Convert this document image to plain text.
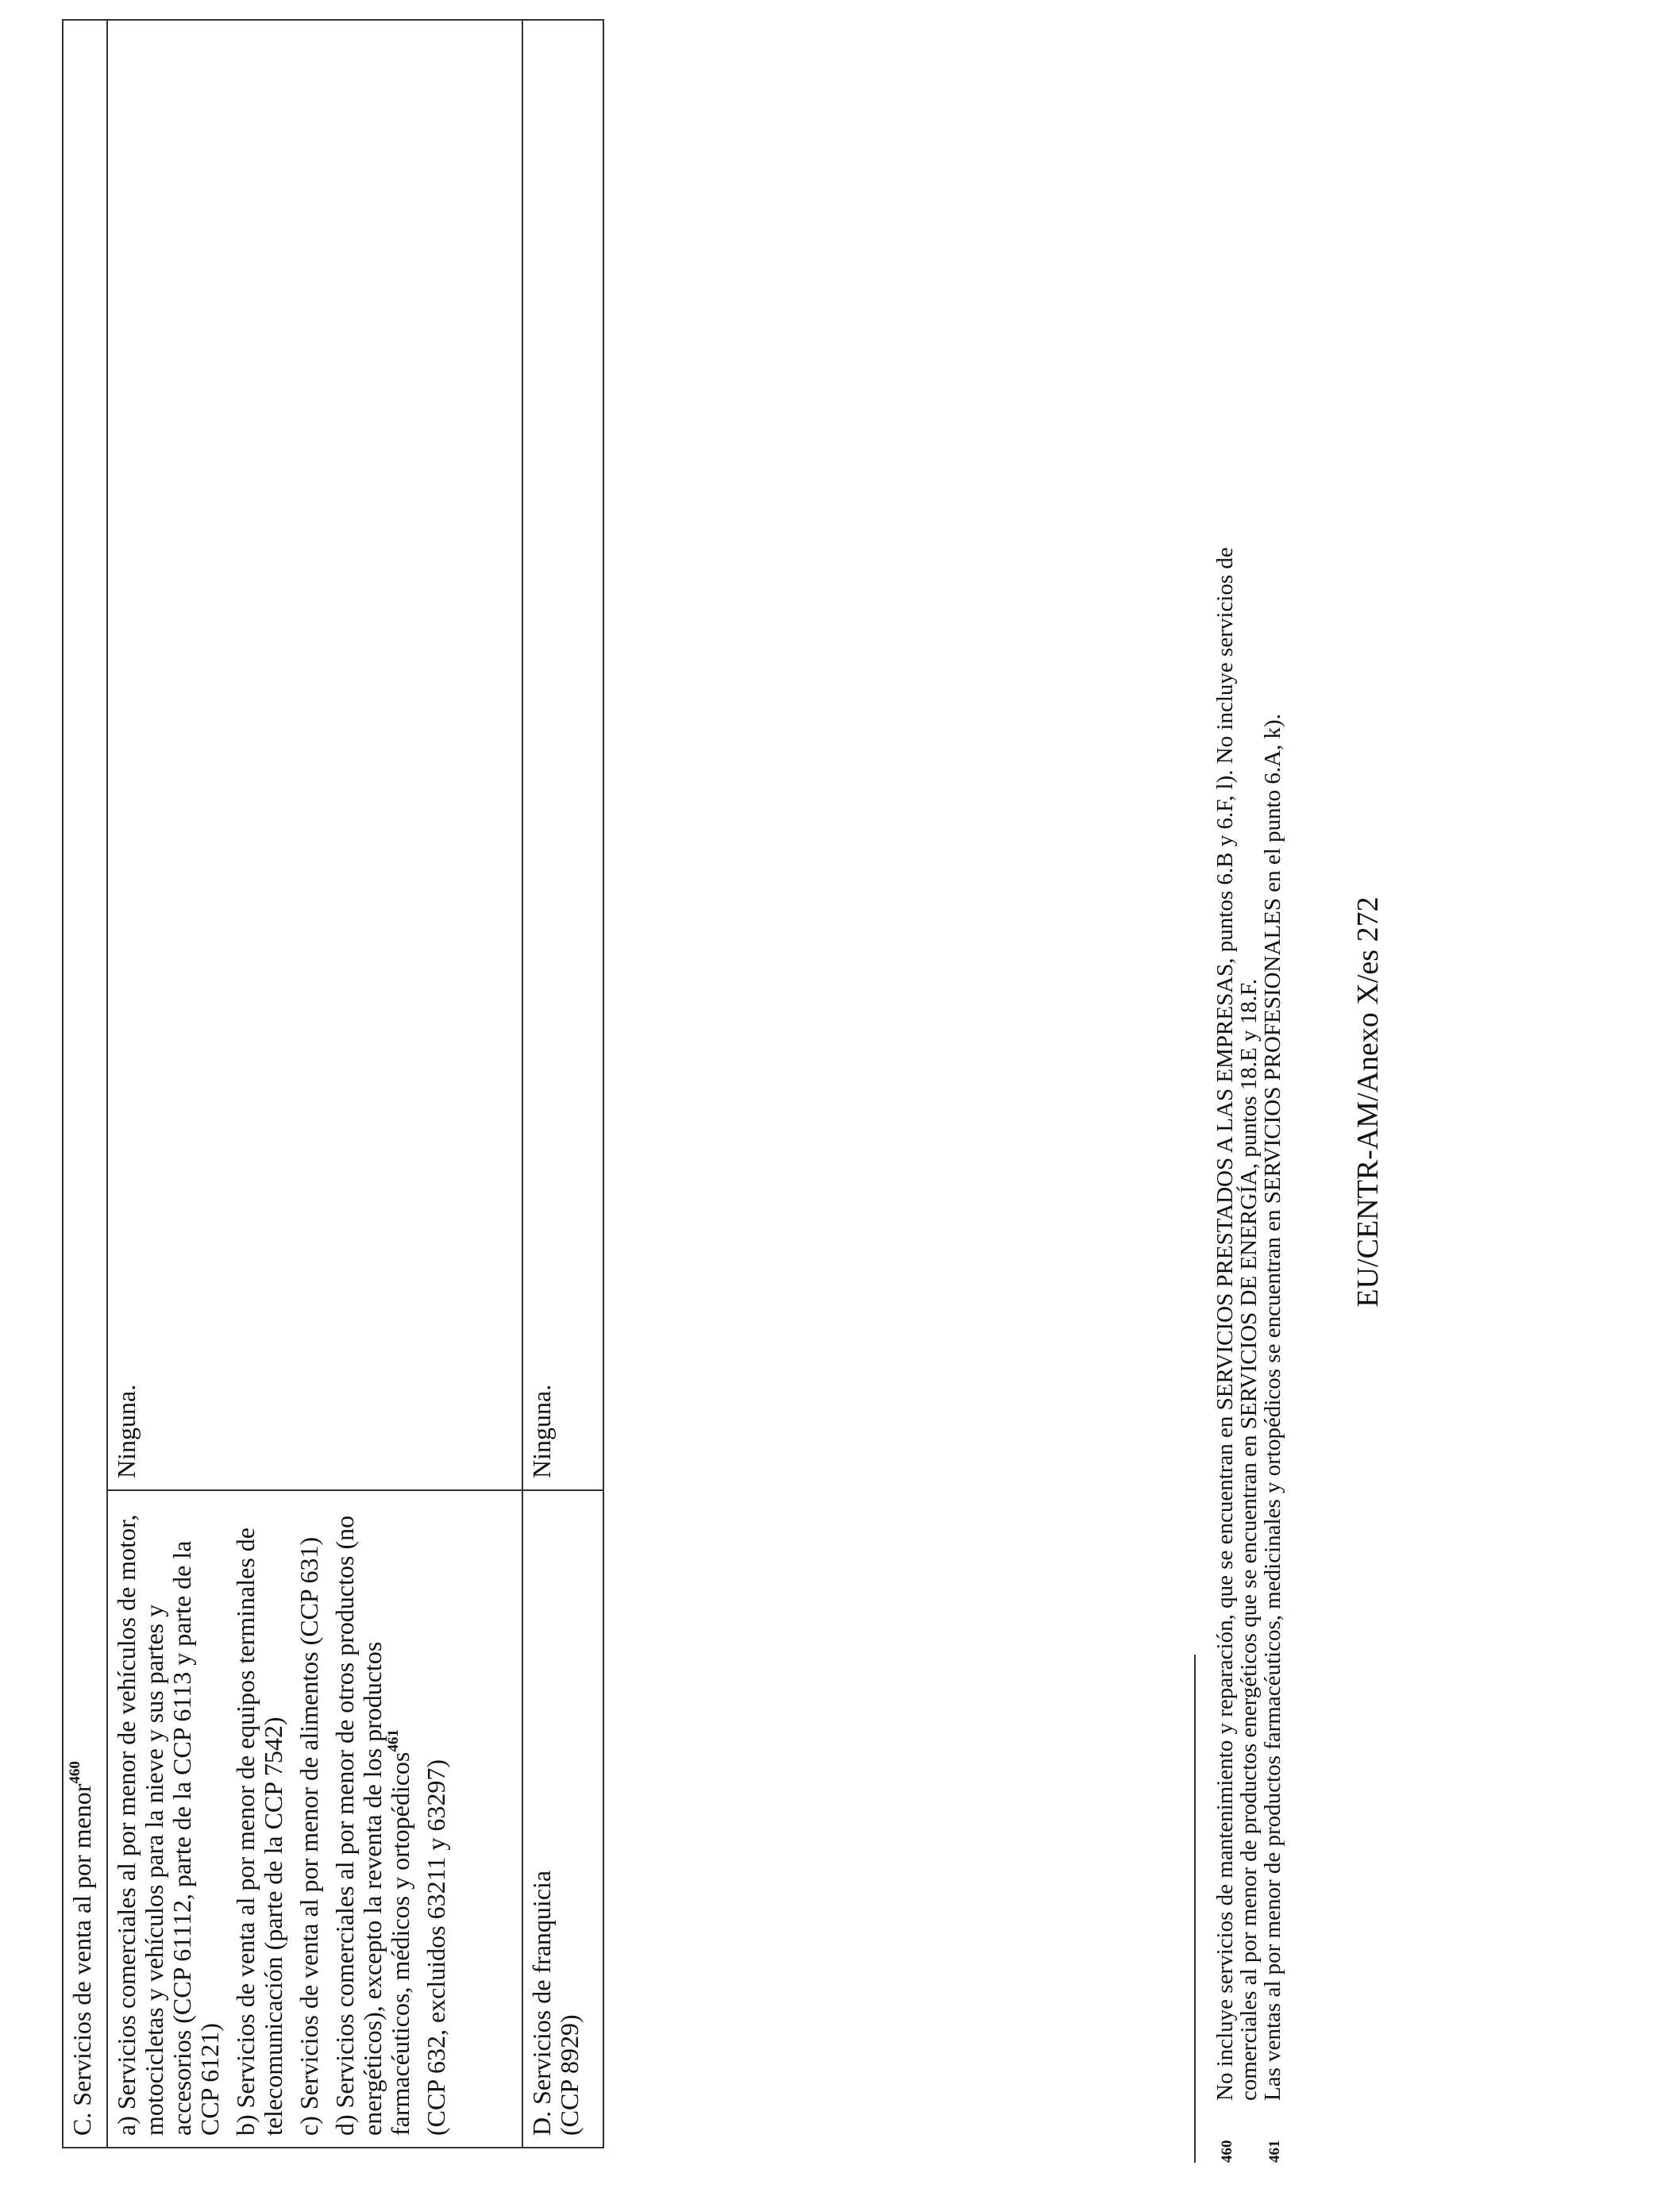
C. Servicios de venta al por menor$^{460}$

a) Servicios comerciales al por menor de vehículos de motor, motocicletas y vehículos para la nieve y sus partes y accesorios (CCP 61112, parte de la CCP 6113 y parte de la CCP 6121) b) Servicios de venta al por menor de equipos terminales de telecomunicación (parte de la CCP 7542) c) Servicios de venta al por menor de alimentos (CCP 631) d) Servicios comerciales al por menor de otros productos (no energéticos), excepto la reventa de los productos farmacéuticos, médicos y ortopédicos$^{461}$
(CCP 632, excluidos 63211 y 63297)	Ninguna.

D. Servicios de franquicia (CCP 8929)	Ninguna.
460
No incluye servicios de mantenimiento y reparación, que se encuentran en SERVICIOS PRESTADOS A LAS EMPRESAS, puntos 6.B y 6.F, l). No incluye servicios de
comerciales al por menor de productos energéticos que se encuentran en SERVICIOS DE ENERGÍA, puntos 18.E y 18.F.
461
Las ventas al por menor de productos farmacéuticos, medicinales y ortopédicos se encuentran en SERVICIOS PROFESIONALES en el punto 6.A, k). EU/CENTR-AM/Anexo X/es 272
